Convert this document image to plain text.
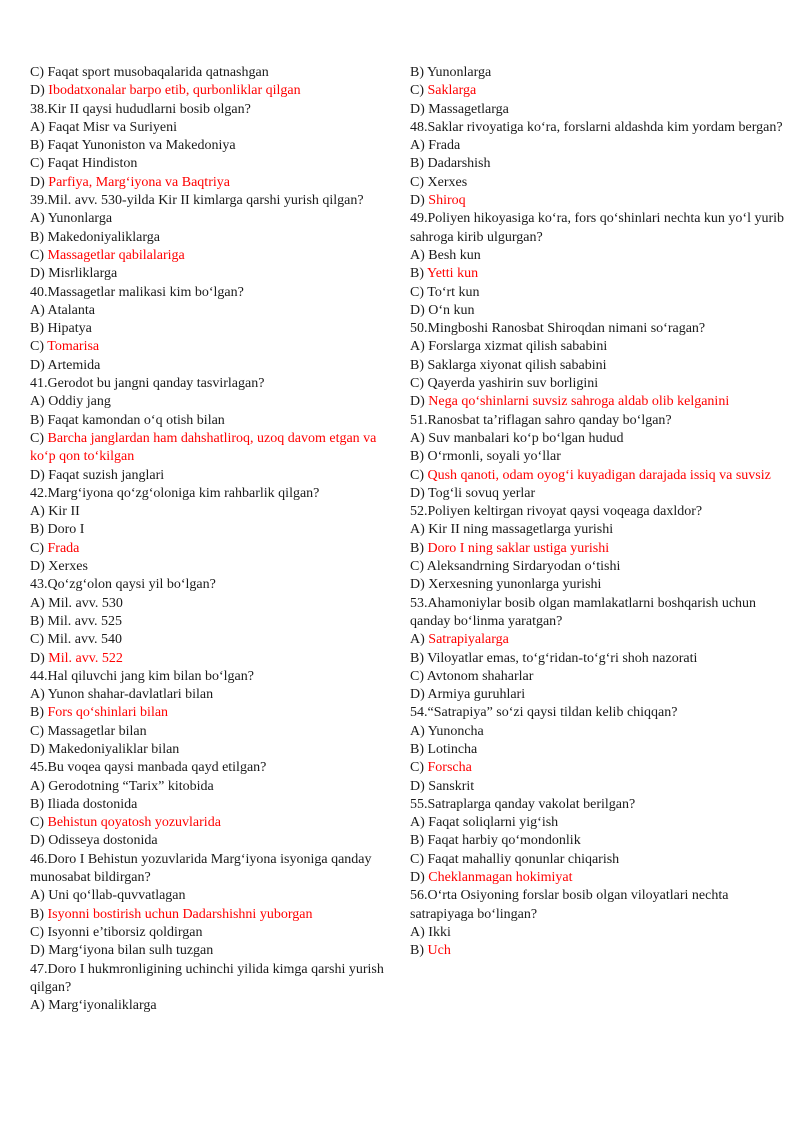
C) Faqat sport musobaqalarida qatnashgan
D) Ibodatxonalar barpo etib, qurbonliklar qilgan
38.Kir II qaysi hududlarni bosib olgan?
A) Faqat Misr va Suriyeni
B) Faqat Yunoniston va Makedoniya
C) Faqat Hindiston
D) Parfiya, Marg‘iyona va Baqtriya
39.Mil. avv. 530-yilda Kir II kimlarga qarshi yurish qilgan?
A) Yunonlarga
B) Makedoniyaliklarga
C) Massagetlar qabilalariga
D) Misrliklarga
40.Massagetlar malikasi kim bo‘lgan?
A) Atalanta
B) Hipatya
C) Tomarisa
D) Artemida
41.Gerodot bu jangni qanday tasvirlagan?
A) Oddiy jang
B) Faqat kamondan o‘q otish bilan
C) Barcha janglardan ham dahshatliroq, uzoq davom etgan va ko‘p qon to‘kilgan
D) Faqat suzish janglari
42.Marg‘iyona qo‘zg‘oloniga kim rahbarlik qilgan?
A) Kir II
B) Doro I
C) Frada
D) Xerxes
43.Qo‘zg‘olon qaysi yil bo‘lgan?
A) Mil. avv. 530
B) Mil. avv. 525
C) Mil. avv. 540
D) Mil. avv. 522
44.Hal qiluvchi jang kim bilan bo‘lgan?
A) Yunon shahar-davlatlari bilan
B) Fors qo‘shinlari bilan
C) Massagetlar bilan
D) Makedoniyaliklar bilan
45.Bu voqea qaysi manbada qayd etilgan?
A) Gerodotning “Tarix” kitobida
B) Iliada dostonida
C) Behistun qoyatosh yozuvlarida
D) Odisseya dostonida
46.Doro I Behistun yozuvlarida Marg‘iyona isyoniga qanday munosabat bildirgan?
A) Uni qo‘llab-quvvatlagan
B) Isyonni bostirish uchun Dadarshishni yuborgan
C) Isyonni e’tiborsiz qoldirgan
D) Marg‘iyona bilan sulh tuzgan
47.Doro I hukmronligining uchinchi yilida kimga qarshi yurish qilgan?
A) Marg‘iyonaliklarga
B) Yunonlarga
C) Saklarga
D) Massagetlarga
48.Saklar rivoyatiga ko‘ra, forslarni aldashda kim yordam bergan?
A) Frada
B) Dadarshish
C) Xerxes
D) Shiroq
49.Poliyen hikoyasiga ko‘ra, fors qo‘shinlari nechta kun yo‘l yurib sahroga kirib ulgurgan?
A) Besh kun
B) Yetti kun
C) To‘rt kun
D) O‘n kun
50.Mingboshi Ranosbat Shiroqdan nimani so‘ragan?
A) Forslarga xizmat qilish sababini
B) Saklarga xiyonat qilish sababini
C) Qayerda yashirin suv borligini
D) Nega qo‘shinlarni suvsiz sahroga aldab olib kelganini
51.Ranosbat ta’riflagan sahro qanday bo‘lgan?
A) Suv manbalari ko‘p bo‘lgan hudud
B) O‘rmonli, soyali yo‘llar
C) Qush qanoti, odam oyog‘i kuyadigan darajada issiq va suvsiz
D) Tog‘li sovuq yerlar
52.Poliyen keltirgan rivoyat qaysi voqeaga daxldor?
A) Kir II ning massagetlarga yurishi
B) Doro I ning saklar ustiga yurishi
C) Aleksandrning Sirdaryodan o‘tishi
D) Xerxesning yunonlarga yurishi
53.Ahamoniylar bosib olgan mamlakatlarni boshqarish uchun qanday bo‘linma yaratgan?
A) Satrapiyalarga
B) Viloyatlar emas, to‘g‘ridan-to‘g‘ri shoh nazorati
C) Avtonom shaharlar
D) Armiya guruhlari
54.“Satrapiya” so‘zi qaysi tildan kelib chiqqan?
A) Yunoncha
B) Lotincha
C) Forscha
D) Sanskrit
55.Satraplarga qanday vakolat berilgan?
A) Faqat soliqlarni yig‘ish
B) Faqat harbiy qo‘mondonlik
C) Faqat mahalliy qonunlar chiqarish
D) Cheklanmagan hokimiyat
56.O‘rta Osiyoning forslar bosib olgan viloyatlari nechta satrapiyaga bo‘lingan?
A) Ikki
B) Uch
